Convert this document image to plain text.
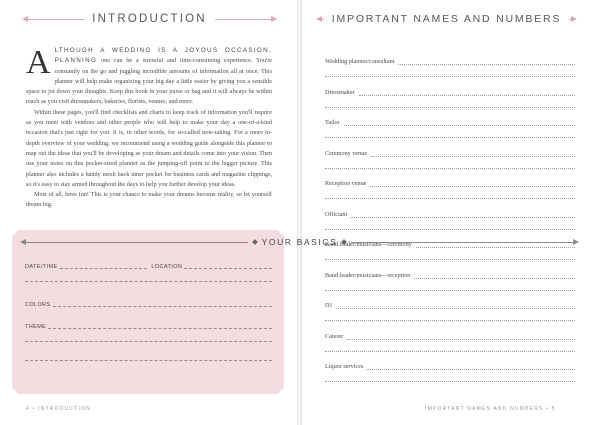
INTRODUCTION

A LTHOUGH A WEDDING IS A JOYOUS OCCASION, PLANNING one can be a stressful and time-consuming experience. You're constantly on the go and juggling incredible amounts of information all at once. This planner will help make organizing your big day a little easier by giving you a sensible space to jot down your thoughts. Keep this book in your purse or bag and it will always be within reach as you visit dressmakers, bakeries, florists, venues, and more.

Within these pages, you'll find checklists and charts to keep track of information you'll require as you meet with vendors and other people who will help to make your day a one-of-a-kind occasion that's just right for you. It is, in other words, for so-called note-taking. For a more in-depth overview of your wedding, we recommend using a wedding guide alongside this planner to map out the ideas that you'll be developing as your dream and details come into your vision. Then use your notes on this pocket-sized planner as the jumping-off point to the bigger picture. This planner also includes a handy mesh back inner pocket for business cards and magazine clippings, so it's easy to stay armed throughout the days to help you further develop your ideas.

Most of all, have fun! This is your chance to make your dreams become reality, so let yourself dream big.

YOUR BASICS
DATE/TIME	LOCATION
COLORS
THEME
4 • INTRODUCTION
IMPORTANT NAMES AND NUMBERS
Wedding planner/consultant
Dressmaker
Tailor
Ceremony venue
Reception venue
Officiant
Band leader/musicians—ceremony
Band leader/musicians—reception
DJ
Caterer
Liquor services
IMPORTANT NAMES AND NUMBERS • 5
